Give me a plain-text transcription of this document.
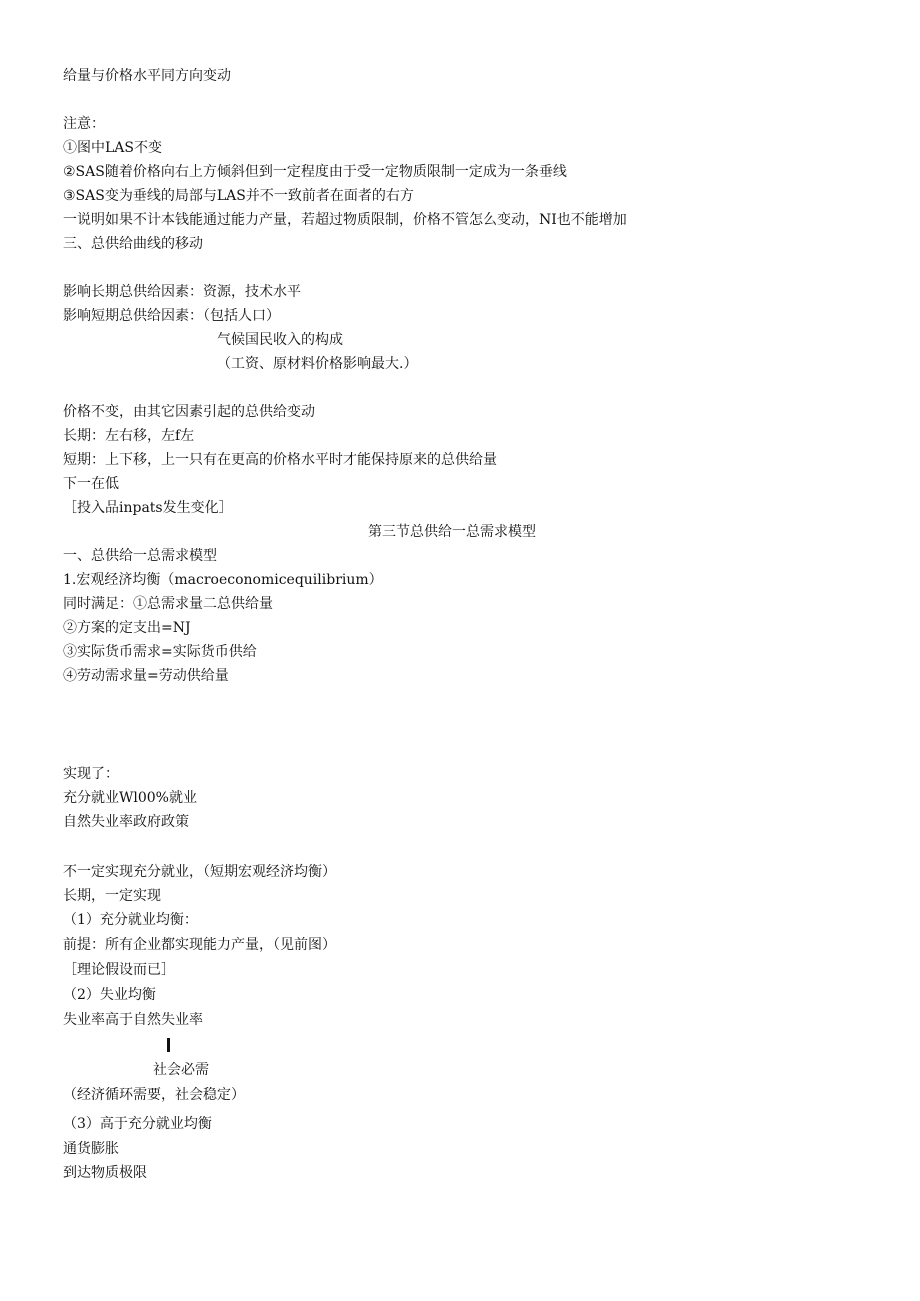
给量与价格水平同方向变动
注意：
①图中LAS不变
②SAS随着价格向右上方倾斜但到一定程度由于受一定物质限制一定成为一条垂线
③SAS变为垂线的局部与LAS并不一致前者在面者的右方
一说明如果不计本钱能通过能力产量，若超过物质限制，价格不管怎么变动，NI也不能增加
三、总供给曲线的移动
影响长期总供给因素：资源，技术水平
影响短期总供给因素：（包括人口）
气候国民收入的构成
（工资、原材料价格影响最大.）
价格不变，由其它因素引起的总供给变动
长期：左右移，左f左
短期：上下移，上一只有在更高的价格水平时才能保持原来的总供给量
下一在低
［投入品inpats发生变化］
第三节总供给一总需求模型
一、总供给一总需求模型
1.宏观经济均衡（macroeconomicequilibrium）
同时满足：①总需求量二总供给量
②方案的定支出=NJ
③实际货币需求=实际货币供给
④劳动需求量=劳动供给量
实现了：
充分就业Wl00%就业
自然失业率政府政策
不一定实现充分就业，（短期宏观经济均衡）
长期，一定实现
（1）充分就业均衡：
前提：所有企业都实现能力产量，（见前图）
［理论假设而已］
（2）失业均衡
失业率高于自然失业率
社会必需
（经济循环需要，社会稳定）
（3）高于充分就业均衡
通货膨胀
到达物质极限
